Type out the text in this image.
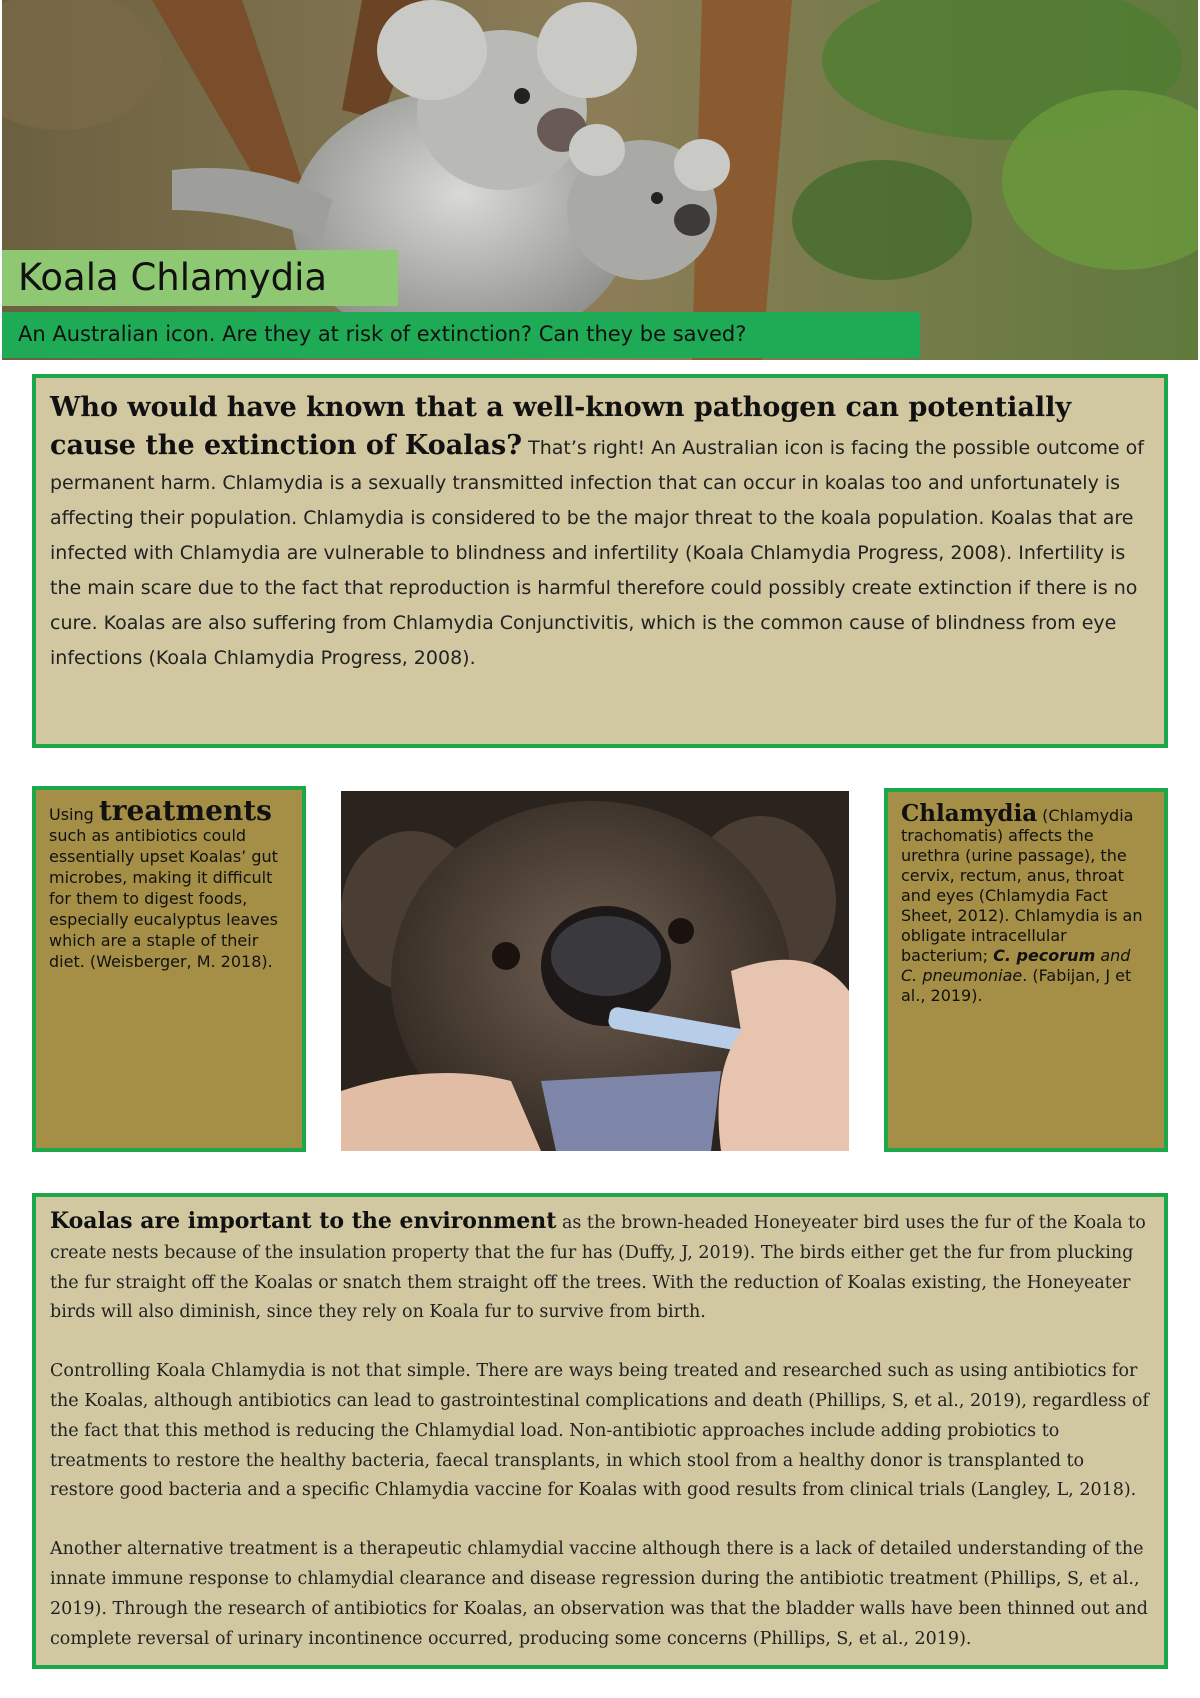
Koala Chlamydia
An Australian icon. Are they at risk of extinction? Can they be saved?

Who would have known that a well-known pathogen can potentially cause the extinction of Koalas? That’s right! An Australian icon is facing the possible outcome of permanent harm. Chlamydia is a sexually transmitted infection that can occur in koalas too and unfortunately is affecting their population. Chlamydia is considered to be the major threat to the koala population. Koalas that are infected with Chlamydia are vulnerable to blindness and infertility (Koala Chlamydia Progress, 2008). Infertility is the main scare due to the fact that reproduction is harmful therefore could possibly create extinction if there is no cure. Koalas are also suffering from Chlamydia Conjunctivitis, which is the common cause of blindness from eye infections (Koala Chlamydia Progress, 2008).

Using treatments such as antibiotics could essentially upset Koalas’ gut microbes, making it difficult for them to digest foods, especially eucalyptus leaves which are a staple of their diet. (Weisberger, M. 2018).
Chlamydia (Chlamydia trachomatis) affects the urethra (urine passage), the cervix, rectum, anus, throat and eyes (Chlamydia Fact Sheet, 2012). Chlamydia is an obligate intracellular bacterium; C. pecorum and C. pneumoniae. (Fabijan, J et al., 2019).

Koalas are important to the environment as the brown-headed Honeyeater bird uses the fur of the Koala to create nests because of the insulation property that the fur has (Duffy, J, 2019). The birds either get the fur from plucking the fur straight off the Koalas or snatch them straight off the trees. With the reduction of Koalas existing, the Honeyeater birds will also diminish, since they rely on Koala fur to survive from birth.

Controlling Koala Chlamydia is not that simple. There are ways being treated and researched such as using antibiotics for the Koalas, although antibiotics can lead to gastrointestinal complications and death (Phillips, S, et al., 2019), regardless of the fact that this method is reducing the Chlamydial load. Non-antibiotic approaches include adding probiotics to treatments to restore the healthy bacteria, faecal transplants, in which stool from a healthy donor is transplanted to restore good bacteria and a specific Chlamydia vaccine for Koalas with good results from clinical trials (Langley, L, 2018).

Another alternative treatment is a therapeutic chlamydial vaccine although there is a lack of detailed understanding of the innate immune response to chlamydial clearance and disease regression during the antibiotic treatment (Phillips, S, et al., 2019). Through the research of antibiotics for Koalas, an observation was that the bladder walls have been thinned out and complete reversal of urinary incontinence occurred, producing some concerns (Phillips, S, et al., 2019).
